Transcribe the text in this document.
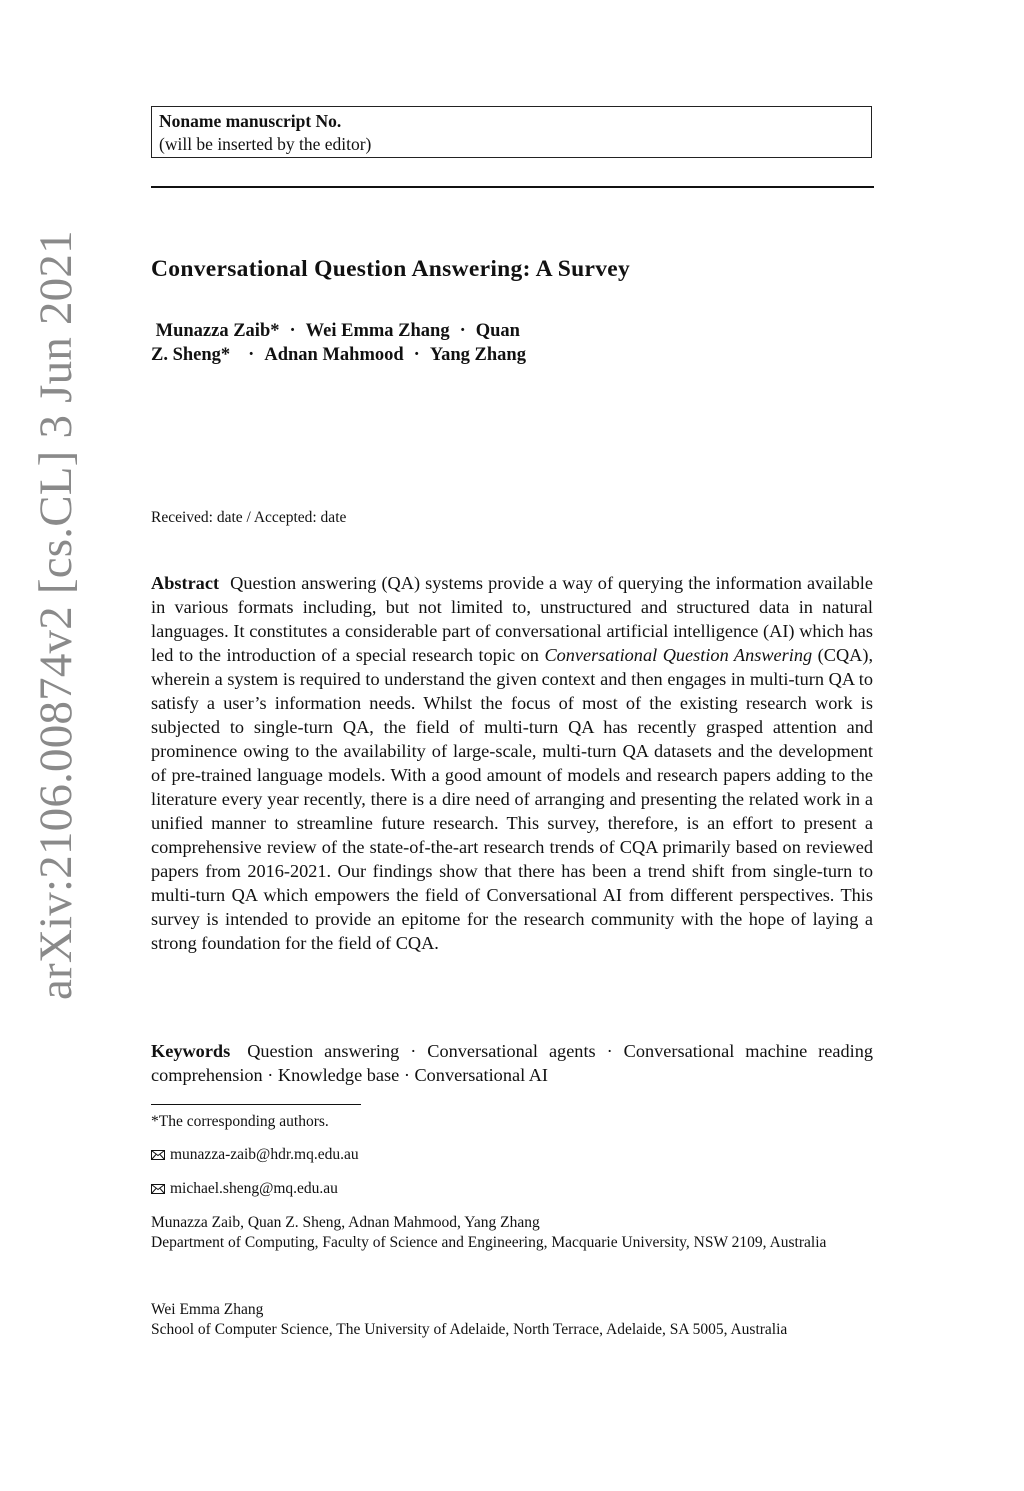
arXiv:2106.00874v2 [cs.CL] 3 Jun 2021
Noname manuscript No.
(will be inserted by the editor)
Conversational Question Answering: A Survey
Munazza Zaib* · Wei Emma Zhang · Quan
Z. Sheng* · Adnan Mahmood · Yang Zhang
Received: date / Accepted: date

Abstract Question answering (QA) systems provide a way of querying the information available in various formats including, but not limited to, unstructured and structured data in natural languages. It constitutes a considerable part of conversational artificial intelligence (AI) which has led to the introduction of a special research topic on Conversational Question Answering (CQA), wherein a system is required to understand the given context and then engages in multi-turn QA to satisfy a user’s information needs. Whilst the focus of most of the existing research work is subjected to single-turn QA, the field of multi-turn QA has recently grasped attention and prominence owing to the availability of large-scale, multi-turn QA datasets and the development of pre-trained language models. With a good amount of models and research papers adding to the literature every year recently, there is a dire need of arranging and presenting the related work in a unified manner to streamline future research. This survey, therefore, is an effort to present a comprehensive review of the state-of-the-art research trends of CQA primarily based on reviewed papers from 2016-2021. Our findings show that there has been a trend shift from single-turn to multi-turn QA which empowers the field of Conversational AI from different perspectives. This survey is intended to provide an epitome for the research community with the hope of laying a strong foundation for the field of CQA.

Keywords Question answering · Conversational agents · Conversational machine reading comprehension · Knowledge base · Conversational AI

*The corresponding authors.
munazza-zaib@hdr.mq.edu.au
michael.sheng@mq.edu.au
Munazza Zaib, Quan Z. Sheng, Adnan Mahmood, Yang Zhang
Department of Computing, Faculty of Science and Engineering, Macquarie University, NSW 2109, Australia
Wei Emma Zhang
School of Computer Science, The University of Adelaide, North Terrace, Adelaide, SA 5005, Australia
